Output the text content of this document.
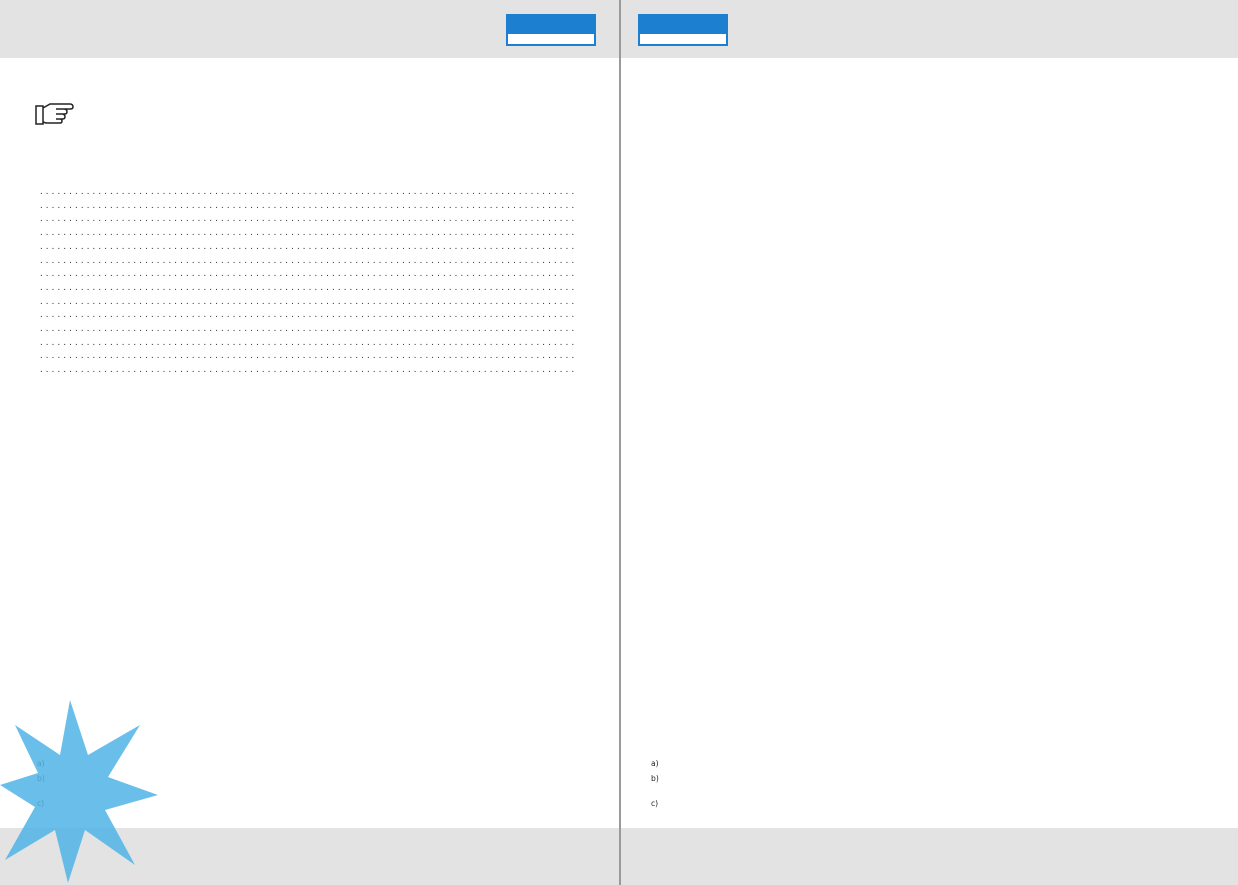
. . .
. . .
. . .
. . .
. . .
. . .
. . .
. . .
. . .
. . .
. . .
. . .
. . .
. . .
a)
b)
c)
